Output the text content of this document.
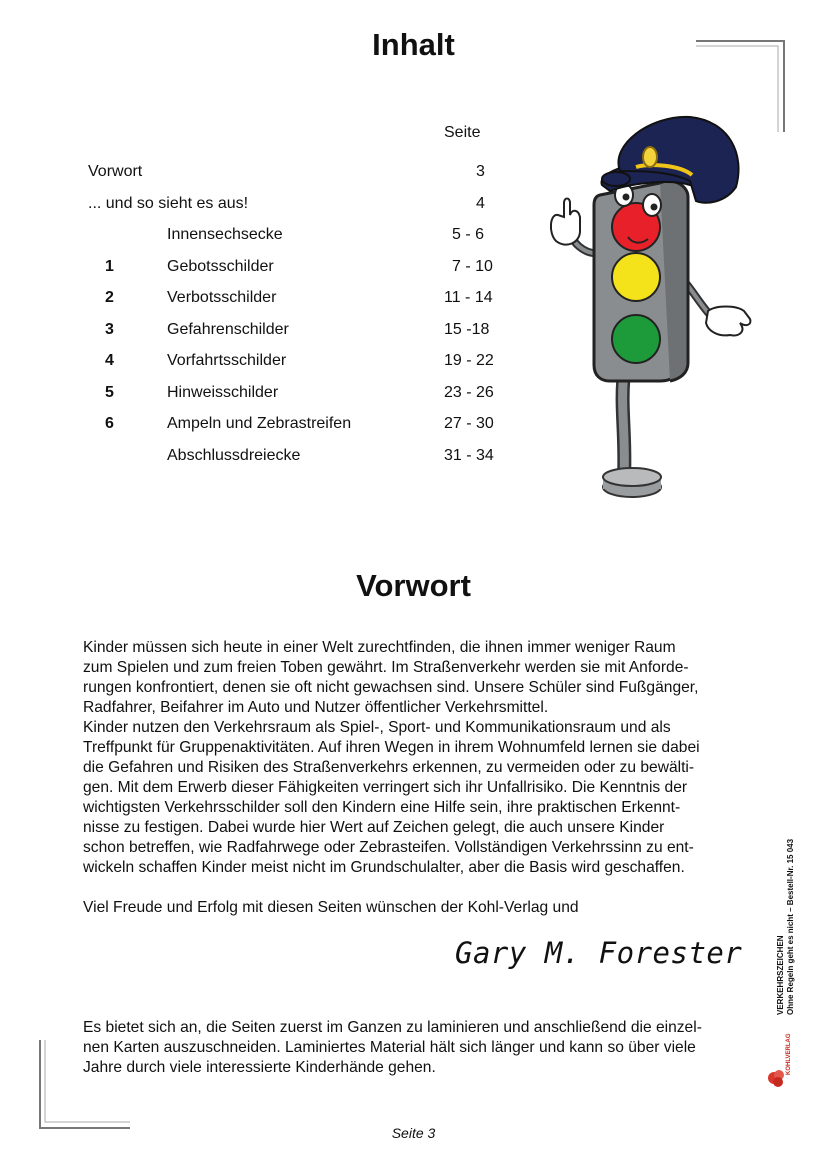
Inhalt
Seite
Vorwort	3
... und so sieht es aus!	4
Innensechsecke	5 - 6
1	Gebotsschilder	7 - 10
2	Verbotsschilder	11 - 14
3	Gefahrenschilder	15 -18
4	Vorfahrtsschilder	19 - 22
5	Hinweisschilder	23 - 26
6	Ampeln und Zebrastreifen	27 - 30
Abschlussdreiecke	31 - 34
Vorwort

Kinder müssen sich heute in einer Welt zurechtfinden, die ihnen immer weniger Raum

zum Spielen und zum freien Toben gewährt. Im Straßenverkehr werden sie mit Anforde-

rungen konfrontiert, denen sie oft nicht gewachsen sind. Unsere Schüler sind Fußgänger,

Radfahrer, Beifahrer im Auto und Nutzer öffentlicher Verkehrsmittel.

Kinder nutzen den Verkehrsraum als Spiel-, Sport- und Kommunikationsraum und als

Treffpunkt für Gruppenaktivitäten. Auf ihren Wegen in ihrem Wohnumfeld lernen sie dabei

die Gefahren und Risiken des Straßenverkehrs erkennen, zu vermeiden oder zu bewälti-

gen. Mit dem Erwerb dieser Fähigkeiten verringert sich ihr Unfallrisiko. Die Kenntnis der

wichtigsten Verkehrsschilder soll den Kindern eine Hilfe sein, ihre praktischen Erkennt-

nisse zu festigen. Dabei wurde hier Wert auf Zeichen gelegt, die auch unsere Kinder

schon betreffen, wie Radfahrwege oder Zebrasteifen. Vollständigen Verkehrssinn zu ent-

wickeln schaffen Kinder meist nicht im Grundschulalter, aber die Basis wird geschaffen.

Viel Freude und Erfolg mit diesen Seiten wünschen der Kohl-Verlag und
Gary M. Forester

Es bietet sich an, die Seiten zuerst im Ganzen zu laminieren und anschließend die einzel-

nen Karten auszuschneiden. Laminiertes Material hält sich länger und kann so über viele

Jahre durch viele interessierte Kinderhände gehen.

VERKEHRSZEICHEN Ohne Regeln geht es nicht – Bestell-Nr. 15 043
KOHLVERLAG
Seite 3
